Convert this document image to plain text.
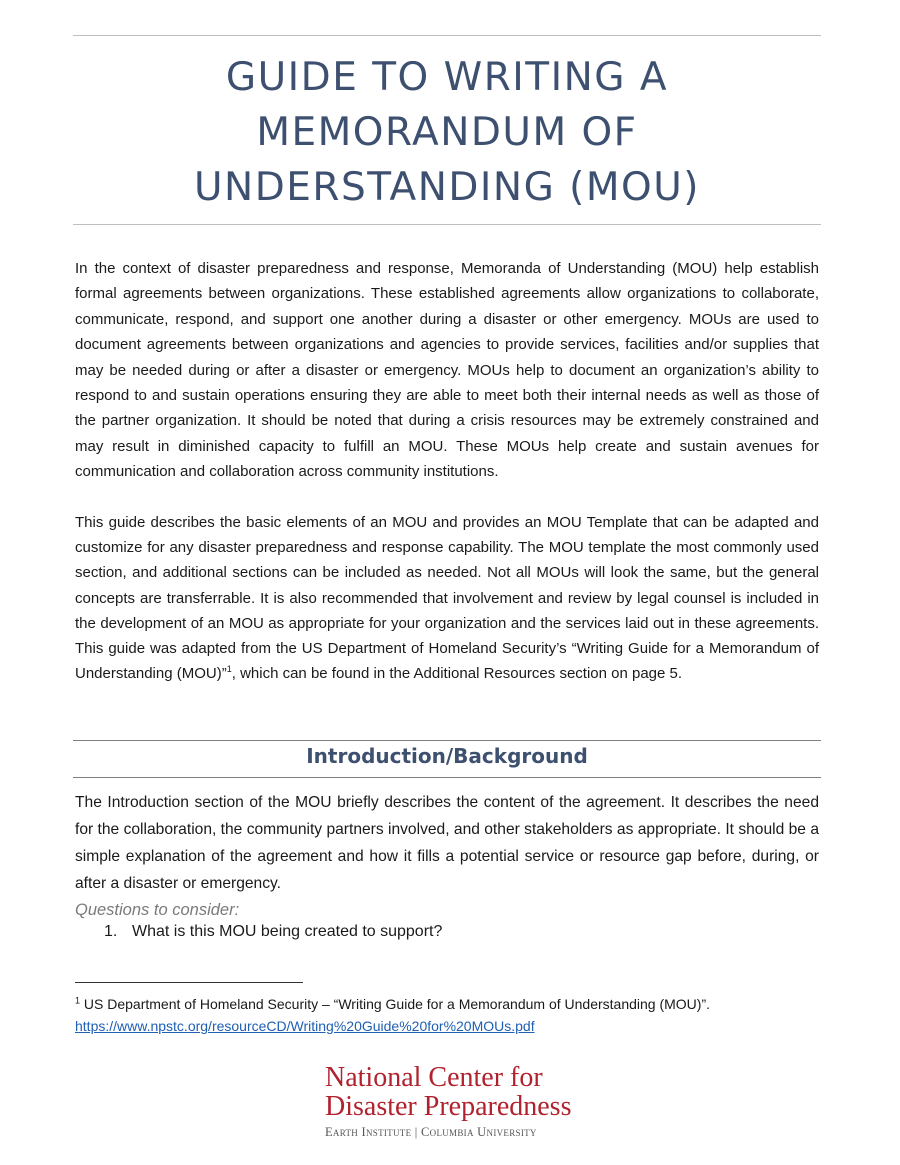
GUIDE TO WRITING A
MEMORANDUM OF
UNDERSTANDING (MOU)

In the context of disaster preparedness and response, Memoranda of Understanding (MOU) help establish formal agreements between organizations. These established agreements allow organizations to collaborate, communicate, respond, and support one another during a disaster or other emergency. MOUs are used to document agreements between organizations and agencies to provide services, facilities and/or supplies that may be needed during or after a disaster or emergency. MOUs help to document an organization’s ability to respond to and sustain operations ensuring they are able to meet both their internal needs as well as those of the partner organization. It should be noted that during a crisis resources may be extremely constrained and may result in diminished capacity to fulfill an MOU. These MOUs help create and sustain avenues for communication and collaboration across community institutions.

This guide describes the basic elements of an MOU and provides an MOU Template that can be adapted and customize for any disaster preparedness and response capability. The MOU template the most commonly used section, and additional sections can be included as needed. Not all MOUs will look the same, but the general concepts are transferrable. It is also recommended that involvement and review by legal counsel is included in the development of an MOU as appropriate for your organization and the services laid out in these agreements. This guide was adapted from the US Department of Homeland Security’s “Writing Guide for a Memorandum of Understanding (MOU)”$^1$, which can be found in the Additional Resources section on page 5.

Introduction/Background

The Introduction section of the MOU briefly describes the content of the agreement. It describes the need for the collaboration, the community partners involved, and other stakeholders as appropriate. It should be a simple explanation of the agreement and how it fills a potential service or resource gap before, during, or after a disaster or emergency.

Questions to consider:
1. What is this MOU being created to support?
$^1$ US Department of Homeland Security – “Writing Guide for a Memorandum of Understanding (MOU)”.
https://www.npstc.org/resourceCD/Writing%20Guide%20for%20MOUs.pdf
National Center for
Disaster Preparedness
Earth Institute | Columbia University
